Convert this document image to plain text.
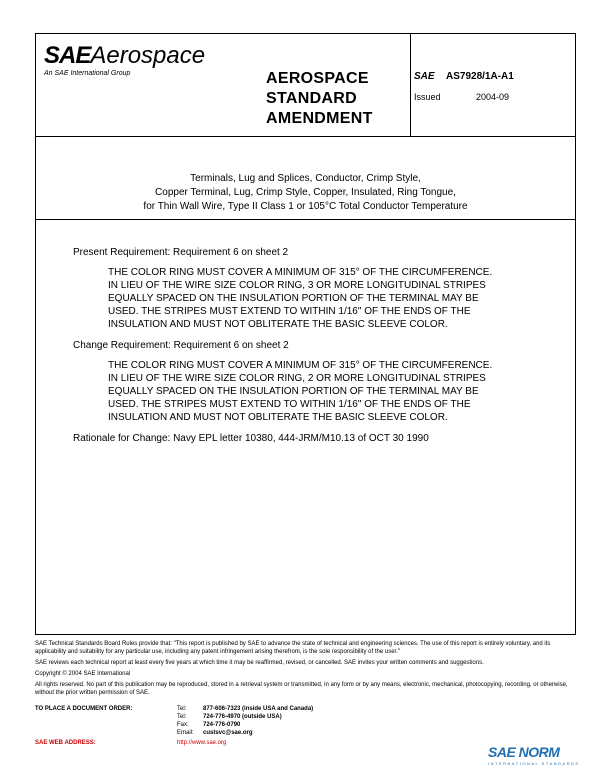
SAEAerospace
An SAE International Group	AEROSPACE
STANDARD
AMENDMENT
SAE AS7928/1A-A1
Issued	2004-09
Terminals, Lug and Splices, Conductor, Crimp Style,
Copper Terminal, Lug, Crimp Style, Copper, Insulated, Ring Tongue,
for Thin Wall Wire, Type II Class 1 or 105°C Total Conductor Temperature

Present Requirement: Requirement 6 on sheet 2

THE COLOR RING MUST COVER A MINIMUM OF 315° OF THE CIRCUMFERENCE.
IN LIEU OF THE WIRE SIZE COLOR RING, 3 OR MORE LONGITUDINAL STRIPES
EQUALLY SPACED ON THE INSULATION PORTION OF THE TERMINAL MAY BE
USED. THE STRIPES MUST EXTEND TO WITHIN 1/16" OF THE ENDS OF THE
INSULATION AND MUST NOT OBLITERATE THE BASIC SLEEVE COLOR.

Change Requirement: Requirement 6 on sheet 2

THE COLOR RING MUST COVER A MINIMUM OF 315° OF THE CIRCUMFERENCE.
IN LIEU OF THE WIRE SIZE COLOR RING, 2 OR MORE LONGITUDINAL STRIPES
EQUALLY SPACED ON THE INSULATION PORTION OF THE TERMINAL MAY BE
USED. THE STRIPES MUST EXTEND TO WITHIN 1/16" OF THE ENDS OF THE
INSULATION AND MUST NOT OBLITERATE THE BASIC SLEEVE COLOR.

Rationale for Change: Navy EPL letter 10380, 444-JRM/M10.13 of OCT 30 1990

SAE Technical Standards Board Rules provide that: "This report is published by SAE to advance the state of technical and engineering sciences. The use of this report is entirely voluntary, and its applicability and suitability for any particular use, including any patent infringement arising therefrom, is the sole responsibility of the user."

SAE reviews each technical report at least every five years at which time it may be reaffirmed, revised, or cancelled. SAE invites your written comments and suggestions.

Copyright © 2004 SAE International

All rights reserved. No part of this publication may be reproduced, stored in a retrieval system or transmitted, in any form or by any means, electronic, mechanical, photocopying, recording, or otherwise, without the prior written permission of SAE.

TO PLACE A DOCUMENT ORDER:	Tel:	877-606-7323 (inside USA and Canada)
Tel:	724-776-4970 (outside USA)
Fax: 724-776-0790
Email: custsvc@sae.org
SAE WEB ADDRESS:	http://www.sae.org
SAE NORM
INTERNATIONAL STANDARDS
